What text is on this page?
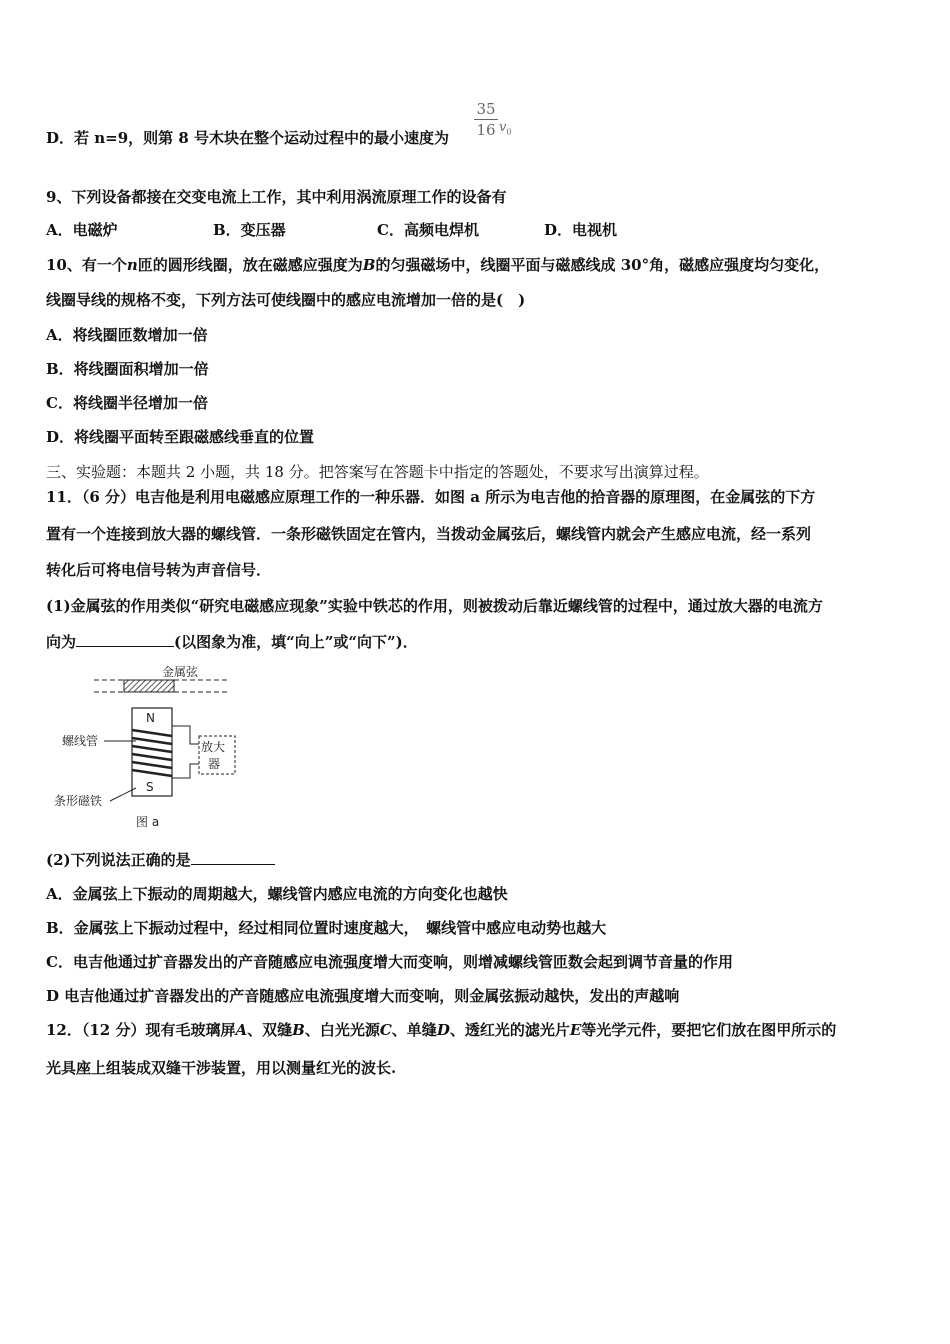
D．若 n=9，则第 8 号木块在整个运动过程中的最小速度为
35
16 $v_0$
9、下列设备都接在交变电流上工作，其中利用涡流原理工作的设备有
A．电磁炉	B．变压器	C．高频电焊机	D．电视机
10、有一个n匝的圆形线圈，放在磁感应强度为B的匀强磁场中，线圈平面与磁感线成 30°角，磁感应强度均匀变化，
线圈导线的规格不变，下列方法可使线圈中的感应电流增加一倍的是(　)
A．将线圈匝数增加一倍
B．将线圈面积增加一倍
C．将线圈半径增加一倍
D．将线圈平面转至跟磁感线垂直的位置
三、实验题：本题共 2 小题，共 18 分。把答案写在答题卡中指定的答题处，不要求写出演算过程。
11．（6 分）电吉他是利用电磁感应原理工作的一种乐器．如图 a 所示为电吉他的拾音器的原理图，在金属弦的下方
置有一个连接到放大器的螺线管．一条形磁铁固定在管内，当拨动金属弦后，螺线管内就会产生感应电流，经一系列
转化后可将电信号转为声音信号．
(1)金属弦的作用类似“研究电磁感应现象”实验中铁芯的作用，则被拨动后靠近螺线管的过程中，通过放大器的电流方
向为	(以图象为准，填“向上”或“向下”)．
金属弦
N
S
放大
器
螺线管
条形磁铁
图 a
(2)下列说法正确的是
A．金属弦上下振动的周期越大，螺线管内感应电流的方向变化也越快
B．金属弦上下振动过程中，经过相同位置时速度越大，　螺线管中感应电动势也越大
C．电吉他通过扩音器发出的产音随感应电流强度增大而变响，则增减螺线管匝数会起到调节音量的作用
D 电吉他通过扩音器发出的产音随感应电流强度增大而变响，则金属弦振动越快，发出的声越响
12．（12 分）现有毛玻璃屏A、双缝B、白光光源C、单缝D、透红光的滤光片E等光学元件，要把它们放在图甲所示的
光具座上组装成双缝干涉装置，用以测量红光的波长.
